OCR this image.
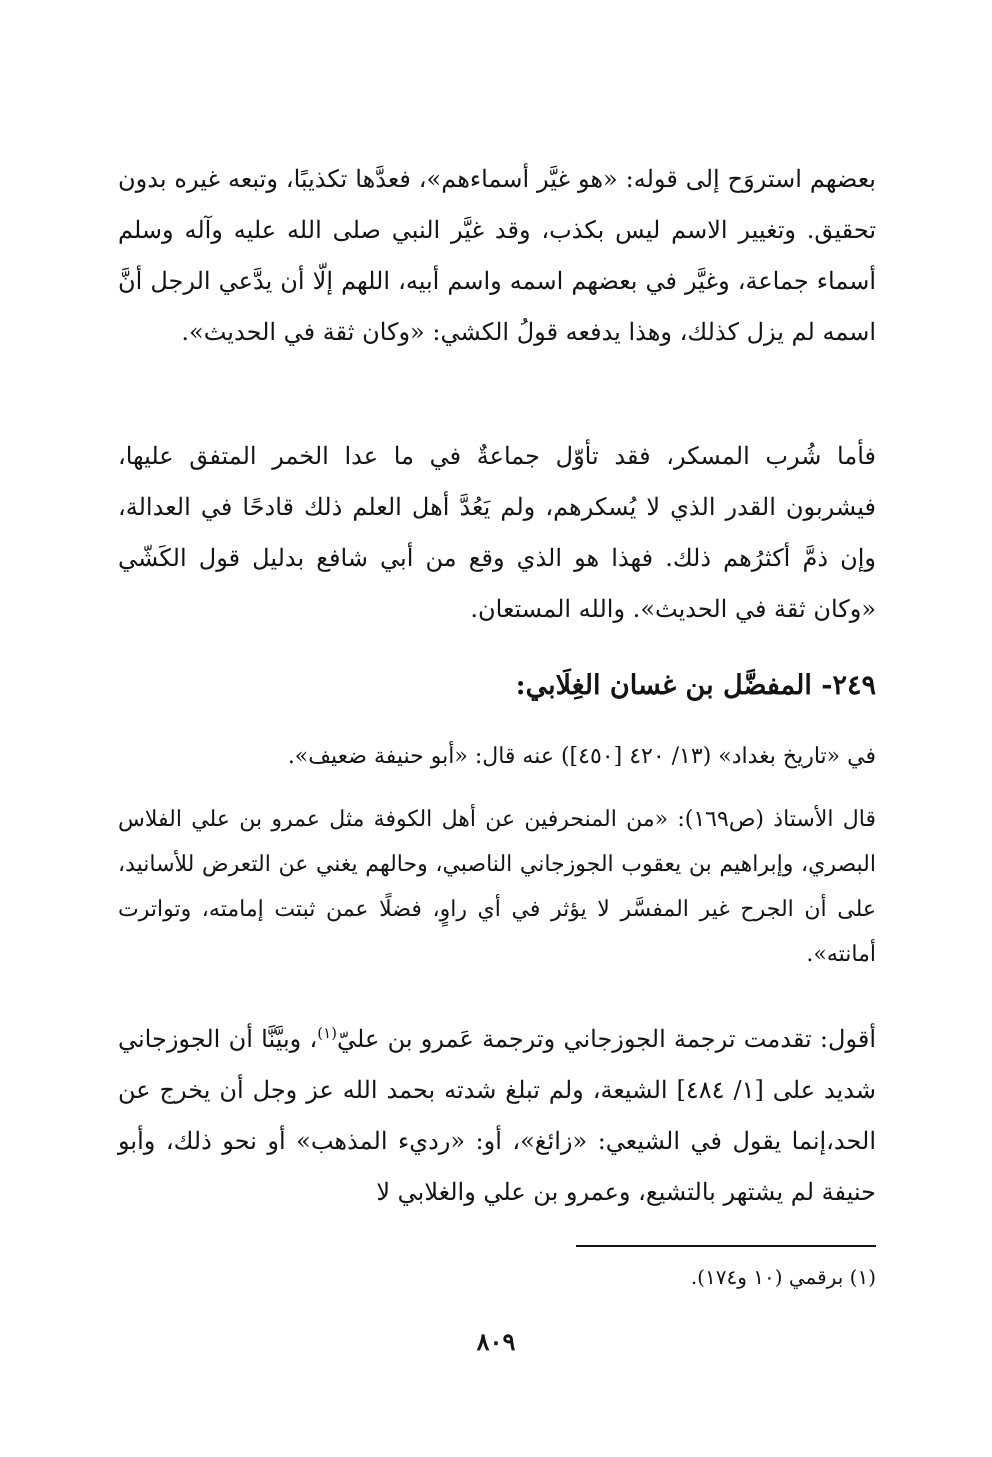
بعضهم استروَح إلى قوله: «هو غيَّر أسماءهم»، فعدَّها تكذيبًا، وتبعه غيره بدون تحقيق. وتغيير الاسم ليس بكذب، وقد غيَّر النبي صلى الله عليه وآله وسلم أسماء جماعة، وغيَّر في بعضهم اسمه واسم أبيه، اللهم إلّا أن يدَّعي الرجل أنَّ اسمه لم يزل كذلك، وهذا يدفعه قولُ الكشي: «وكان ثقة في الحديث».

فأما شُرب المسكر، فقد تأوّل جماعةٌ في ما عدا الخمر المتفق عليها، فيشربون القدر الذي لا يُسكرهم، ولم يَعُدَّ أهل العلم ذلك قادحًا في العدالة، وإن ذمَّ أكثرُهم ذلك. فهذا هو الذي وقع من أبي شافع بدليل قول الكَشّي «وكان ثقة في الحديث». والله المستعان.

٢٤٩- المفضَّل بن غسان الغِلَابي:

في «تاريخ بغداد» (١٣/ ٤٢٠ [٤٥٠]) عنه قال: «أبو حنيفة ضعيف».

قال الأستاذ (ص١٦٩): «من المنحرفين عن أهل الكوفة مثل عمرو بن علي الفلاس البصري، وإبراهيم بن يعقوب الجوزجاني الناصبي، وحالهم يغني عن التعرض للأسانيد، على أن الجرح غير المفسَّر لا يؤثر في أي راوٍ، فضلًا عمن ثبتت إمامته، وتواترت أمانته».

أقول: تقدمت ترجمة الجوزجاني وترجمة عَمرو بن عليّ$^{(١)}$، وبيَّنَّا أن الجوزجاني شديد على [١/ ٤٨٤] الشيعة، ولم تبلغ شدته بحمد الله عز وجل أن يخرج عن الحد،إنما يقول في الشيعي: «زائغ»، أو: «رديء المذهب» أو نحو ذلك، وأبو حنيفة لم يشتهر بالتشيع، وعمرو بن علي والغلابي لا

(١) برقمي (١٠ و١٧٤).

٨٠٩
